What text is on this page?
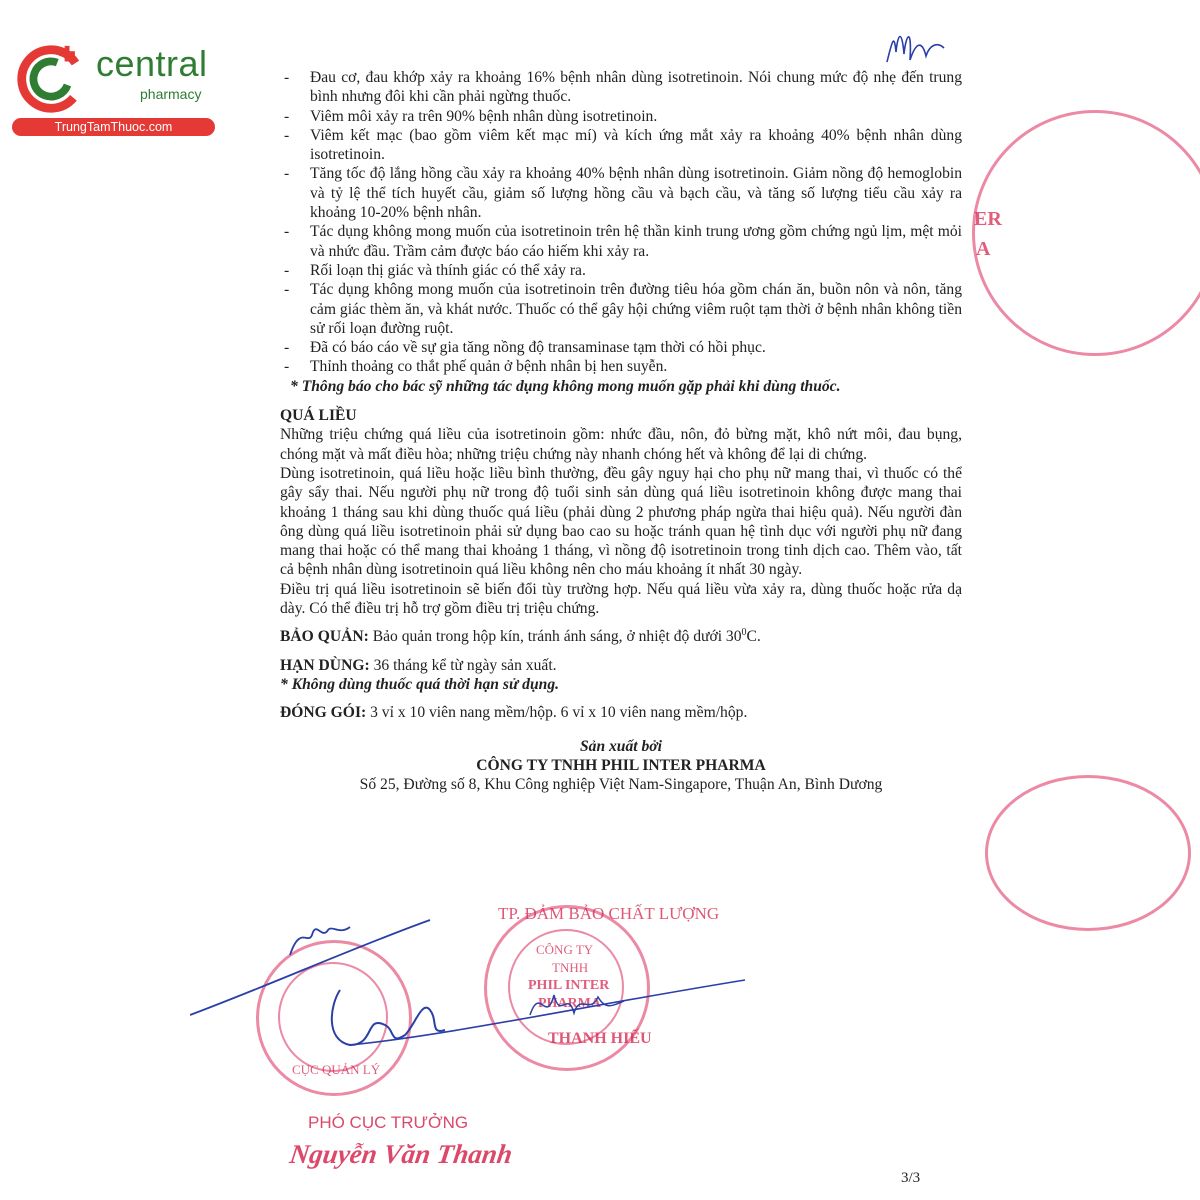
central
pharmacy
TrungTamThuoc.com
ER
A
- Đau cơ, đau khớp xảy ra khoảng 16% bệnh nhân dùng isotretinoin. Nói chung mức độ nhẹ đến trung bình nhưng đôi khi cần phải ngừng thuốc.
- Viêm môi xảy ra trên 90% bệnh nhân dùng isotretinoin.
- Viêm kết mạc (bao gồm viêm kết mạc mí) và kích ứng mắt xảy ra khoảng 40% bệnh nhân dùng isotretinoin.
- Tăng tốc độ lắng hồng cầu xảy ra khoảng 40% bệnh nhân dùng isotretinoin. Giảm nồng độ hemoglobin và tỷ lệ thể tích huyết cầu, giảm số lượng hồng cầu và bạch cầu, và tăng số lượng tiểu cầu xảy ra khoảng 10-20% bệnh nhân.
- Tác dụng không mong muốn của isotretinoin trên hệ thần kinh trung ương gồm chứng ngủ lịm, mệt mỏi và nhức đầu. Trầm cảm được báo cáo hiếm khi xảy ra.
- Rối loạn thị giác và thính giác có thể xảy ra.
- Tác dụng không mong muốn của isotretinoin trên đường tiêu hóa gồm chán ăn, buồn nôn và nôn, tăng cảm giác thèm ăn, và khát nước. Thuốc có thể gây hội chứng viêm ruột tạm thời ở bệnh nhân không tiền sử rối loạn đường ruột.
- Đã có báo cáo về sự gia tăng nồng độ transaminase tạm thời có hồi phục.
- Thỉnh thoảng co thắt phế quản ở bệnh nhân bị hen suyễn.
* Thông báo cho bác sỹ những tác dụng không mong muốn gặp phải khi dùng thuốc.
QUÁ LIỀU

Những triệu chứng quá liều của isotretinoin gồm: nhức đầu, nôn, đỏ bừng mặt, khô nứt môi, đau bụng, chóng mặt và mất điều hòa; những triệu chứng này nhanh chóng hết và không để lại di chứng.

Dùng isotretinoin, quá liều hoặc liều bình thường, đều gây nguy hại cho phụ nữ mang thai, vì thuốc có thể gây sẩy thai. Nếu người phụ nữ trong độ tuổi sinh sản dùng quá liều isotretinoin không được mang thai khoảng 1 tháng sau khi dùng thuốc quá liều (phải dùng 2 phương pháp ngừa thai hiệu quả). Nếu người đàn ông dùng quá liều isotretinoin phải sử dụng bao cao su hoặc tránh quan hệ tình dục với người phụ nữ đang mang thai hoặc có thể mang thai khoảng 1 tháng, vì nồng độ isotretinoin trong tinh dịch cao. Thêm vào, tất cả bệnh nhân dùng isotretinoin quá liều không nên cho máu khoảng ít nhất 30 ngày.

Điều trị quá liều isotretinoin sẽ biến đổi tùy trường hợp. Nếu quá liều vừa xảy ra, dùng thuốc hoặc rửa dạ dày. Có thể điều trị hỗ trợ gồm điều trị triệu chứng.

BẢO QUẢN: Bảo quản trong hộp kín, tránh ánh sáng, ở nhiệt độ dưới $30^0C$.
HẠN DÙNG: 36 tháng kể từ ngày sản xuất.
* Không dùng thuốc quá thời hạn sử dụng.
ĐÓNG GÓI: 3 vỉ x 10 viên nang mềm/hộp. 6 vỉ x 10 viên nang mềm/hộp.
Sản xuất bởi
CÔNG TY TNHH PHIL INTER PHARMA
Số 25, Đường số 8, Khu Công nghiệp Việt Nam-Singapore, Thuận An, Bình Dương
TP. ĐẢM BẢO CHẤT LƯỢNG
CÔNG TY
TNHH
PHIL INTER
PHARMA
THANH HIẾU
CỤC QUẢN LÝ
PHÓ CỤC TRƯỞNG
Nguyễn Văn Thanh
3/3
